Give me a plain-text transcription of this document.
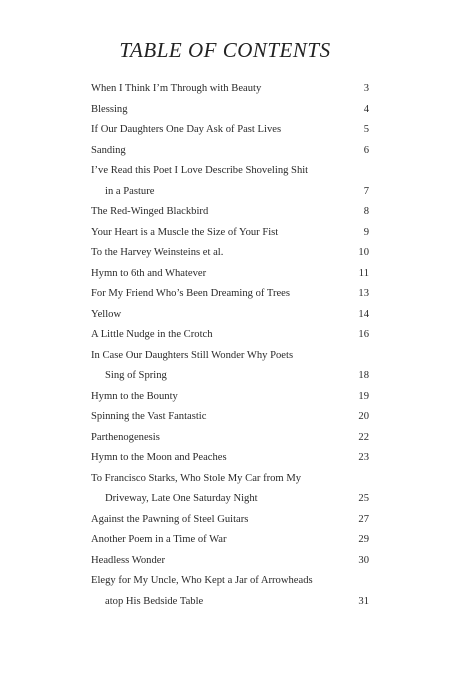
TABLE OF CONTENTS
When I Think I’m Through with Beauty	3
Blessing	4
If Our Daughters One Day Ask of Past Lives	5
Sanding	6
I’ve Read this Poet I Love Describe Shoveling Shit
in a Pasture	7
The Red-Winged Blackbird	8
Your Heart is a Muscle the Size of Your Fist	9
To the Harvey Weinsteins et al.	10
Hymn to 6th and Whatever	11
For My Friend Who’s Been Dreaming of Trees	13
Yellow	14
A Little Nudge in the Crotch	16
In Case Our Daughters Still Wonder Why Poets
Sing of Spring	18
Hymn to the Bounty	19
Spinning the Vast Fantastic	20
Parthenogenesis	22
Hymn to the Moon and Peaches	23
To Francisco Starks, Who Stole My Car from My
Driveway, Late One Saturday Night	25
Against the Pawning of Steel Guitars	27
Another Poem in a Time of War	29
Headless Wonder	30
Elegy for My Uncle, Who Kept a Jar of Arrowheads
atop His Bedside Table	31
